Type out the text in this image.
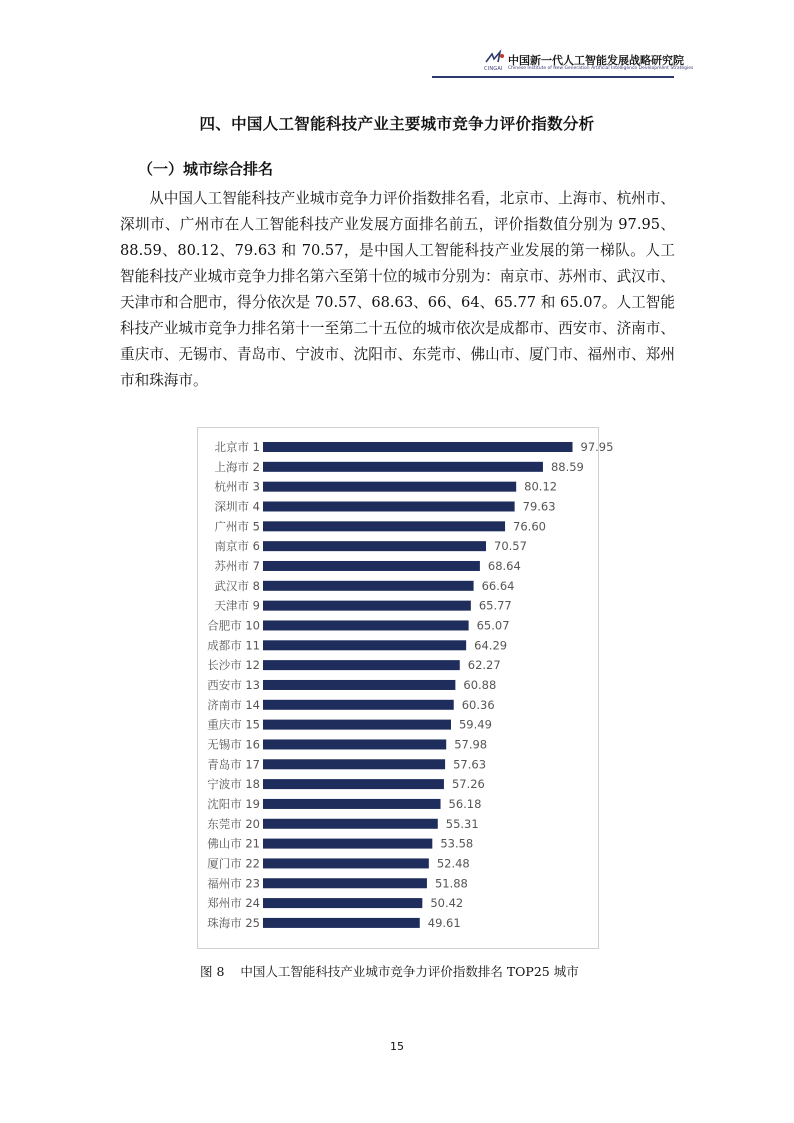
CINGAI
中国新一代人工智能发展战略研究院
Chinese Institute of New Generation Artificial Intelligence Development Strategies
四、中国人工智能科技产业主要城市竞争力评价指数分析
（一）城市综合排名
从中国人工智能科技产业城市竞争力评价指数排名看，北京市、上海市、杭州市、深圳市、广州市在人工智能科技产业发展方面排名前五，评价指数值分别为 97.95、88.59、80.12、79.63 和 70.57，是中国人工智能科技产业发展的第一梯队。人工智能科技产业城市竞争力排名第六至第十位的城市分别为：南京市、苏州市、武汉市、天津市和合肥市，得分依次是 70.57、68.63、66、64、65.77 和 65.07。人工智能科技产业城市竞争力排名第十一至第二十五位的城市依次是成都市、西安市、济南市、重庆市、无锡市、青岛市、宁波市、沈阳市、东莞市、佛山市、厦门市、福州市、郑州市和珠海市。
北京市 1	97.95
上海市 2	88.59
杭州市 3	80.12
深圳市 4	79.63
广州市 5	76.60
南京市 6	70.57
苏州市 7	68.64
武汉市 8	66.64
天津市 9	65.77
合肥市 10	65.07
成都市 11	64.29
长沙市 12	62.27
西安市 13	60.88
济南市 14	60.36
重庆市 15	59.49
无锡市 16	57.98
青岛市 17	57.63
宁波市 18	57.26
沈阳市 19	56.18
东莞市 20	55.31
佛山市 21	53.58
厦门市 22	52.48
福州市 23	51.88
郑州市 24	50.42
珠海市 25	49.61
图 8 中国人工智能科技产业城市竞争力评价指数排名 TOP25 城市
15
